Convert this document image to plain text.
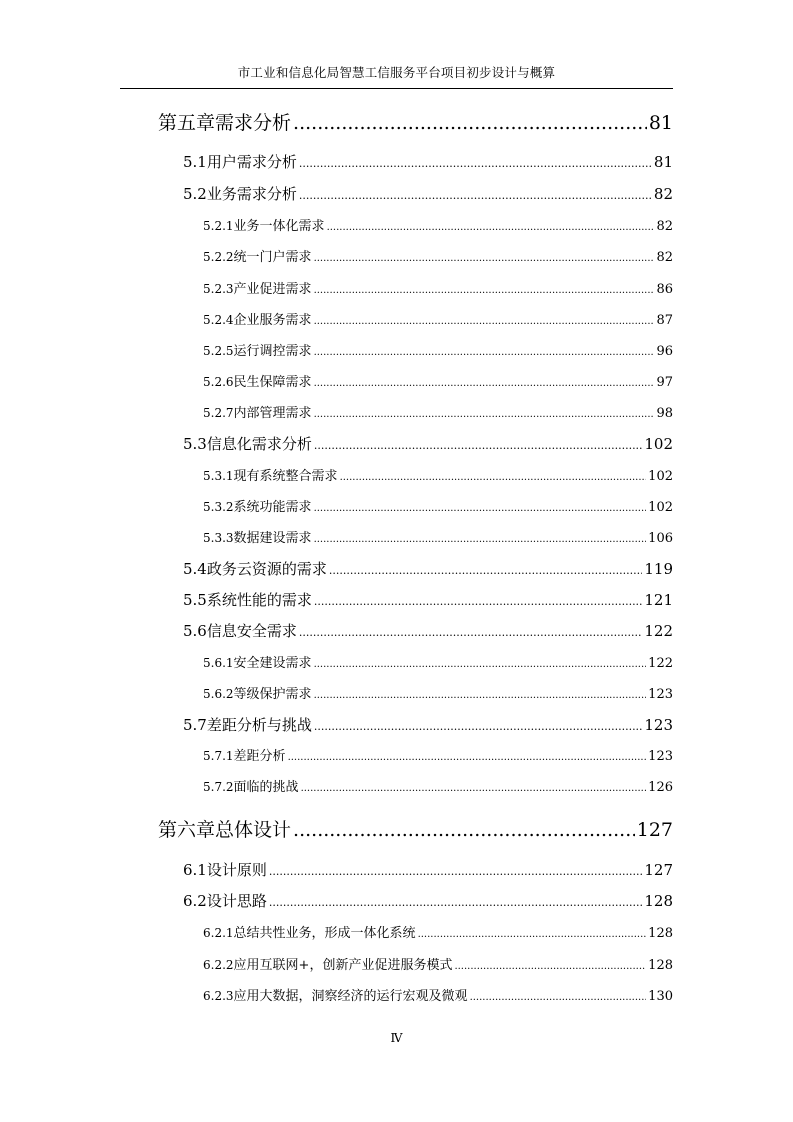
市工业和信息化局智慧工信服务平台项目初步设计与概算
第五章 需求分析 .....	81
5.1 用户需求分析 .....	81
5.2 业务需求分析 .....	82
5.2.1 业务一体化需求 .....	82
5.2.2 统一门户需求 .....	82
5.2.3 产业促进需求 .....	86
5.2.4 企业服务需求 .....	87
5.2.5 运行调控需求 .....	96
5.2.6 民生保障需求 .....	97
5.2.7 内部管理需求 .....	98
5.3 信息化需求分析 .....	102
5.3.1 现有系统整合需求 .....	102
5.3.2 系统功能需求 .....	102
5.3.3 数据建设需求 .....	106
5.4 政务云资源的需求 .....	119
5.5 系统性能的需求 .....	121
5.6 信息安全需求 .....	122
5.6.1 安全建设需求 .....	122
5.6.2 等级保护需求 .....	123
5.7 差距分析与挑战 .....	123
5.7.1 差距分析 .....	123
5.7.2 面临的挑战 .....	126
第六章 总体设计 .....	127
6.1 设计原则 .....	127
6.2 设计思路 .....	128
6.2.1 总结共性业务，形成一体化系统 .....	128
6.2.2 应用互联网+，创新产业促进服务模式 .....	128
6.2.3 应用大数据，洞察经济的运行宏观及微观 .....	130
Ⅳ
